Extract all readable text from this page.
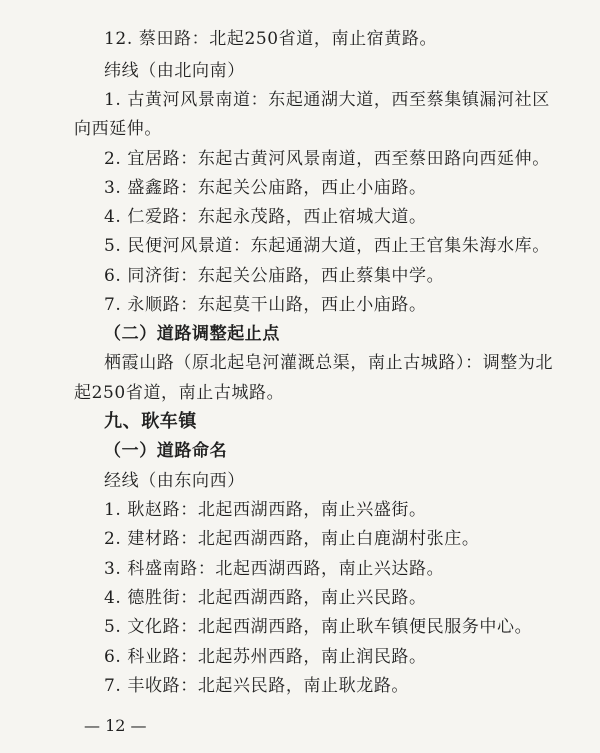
12. 蔡田路：北起250省道，南止宿黄路。
纬线（由北向南）
1. 古黄河风景南道：东起通湖大道，西至蔡集镇漏河社区
向西延伸。
2. 宜居路：东起古黄河风景南道，西至蔡田路向西延伸。
3. 盛鑫路：东起关公庙路，西止小庙路。
4. 仁爱路：东起永茂路，西止宿城大道。
5. 民便河风景道：东起通湖大道，西止王官集朱海水库。
6. 同济街：东起关公庙路，西止蔡集中学。
7. 永顺路：东起莫干山路，西止小庙路。
（二）道路调整起止点
栖霞山路（原北起皂河灌溉总渠，南止古城路）：调整为北
起250省道，南止古城路。
九、耿车镇
（一）道路命名
经线（由东向西）
1. 耿赵路：北起西湖西路，南止兴盛街。
2. 建材路：北起西湖西路，南止白鹿湖村张庄。
3. 科盛南路：北起西湖西路，南止兴达路。
4. 德胜街：北起西湖西路，南止兴民路。
5. 文化路：北起西湖西路，南止耿车镇便民服务中心。
6. 科业路：北起苏州西路，南止润民路。
7. 丰收路：北起兴民路，南止耿龙路。
— 12 —
